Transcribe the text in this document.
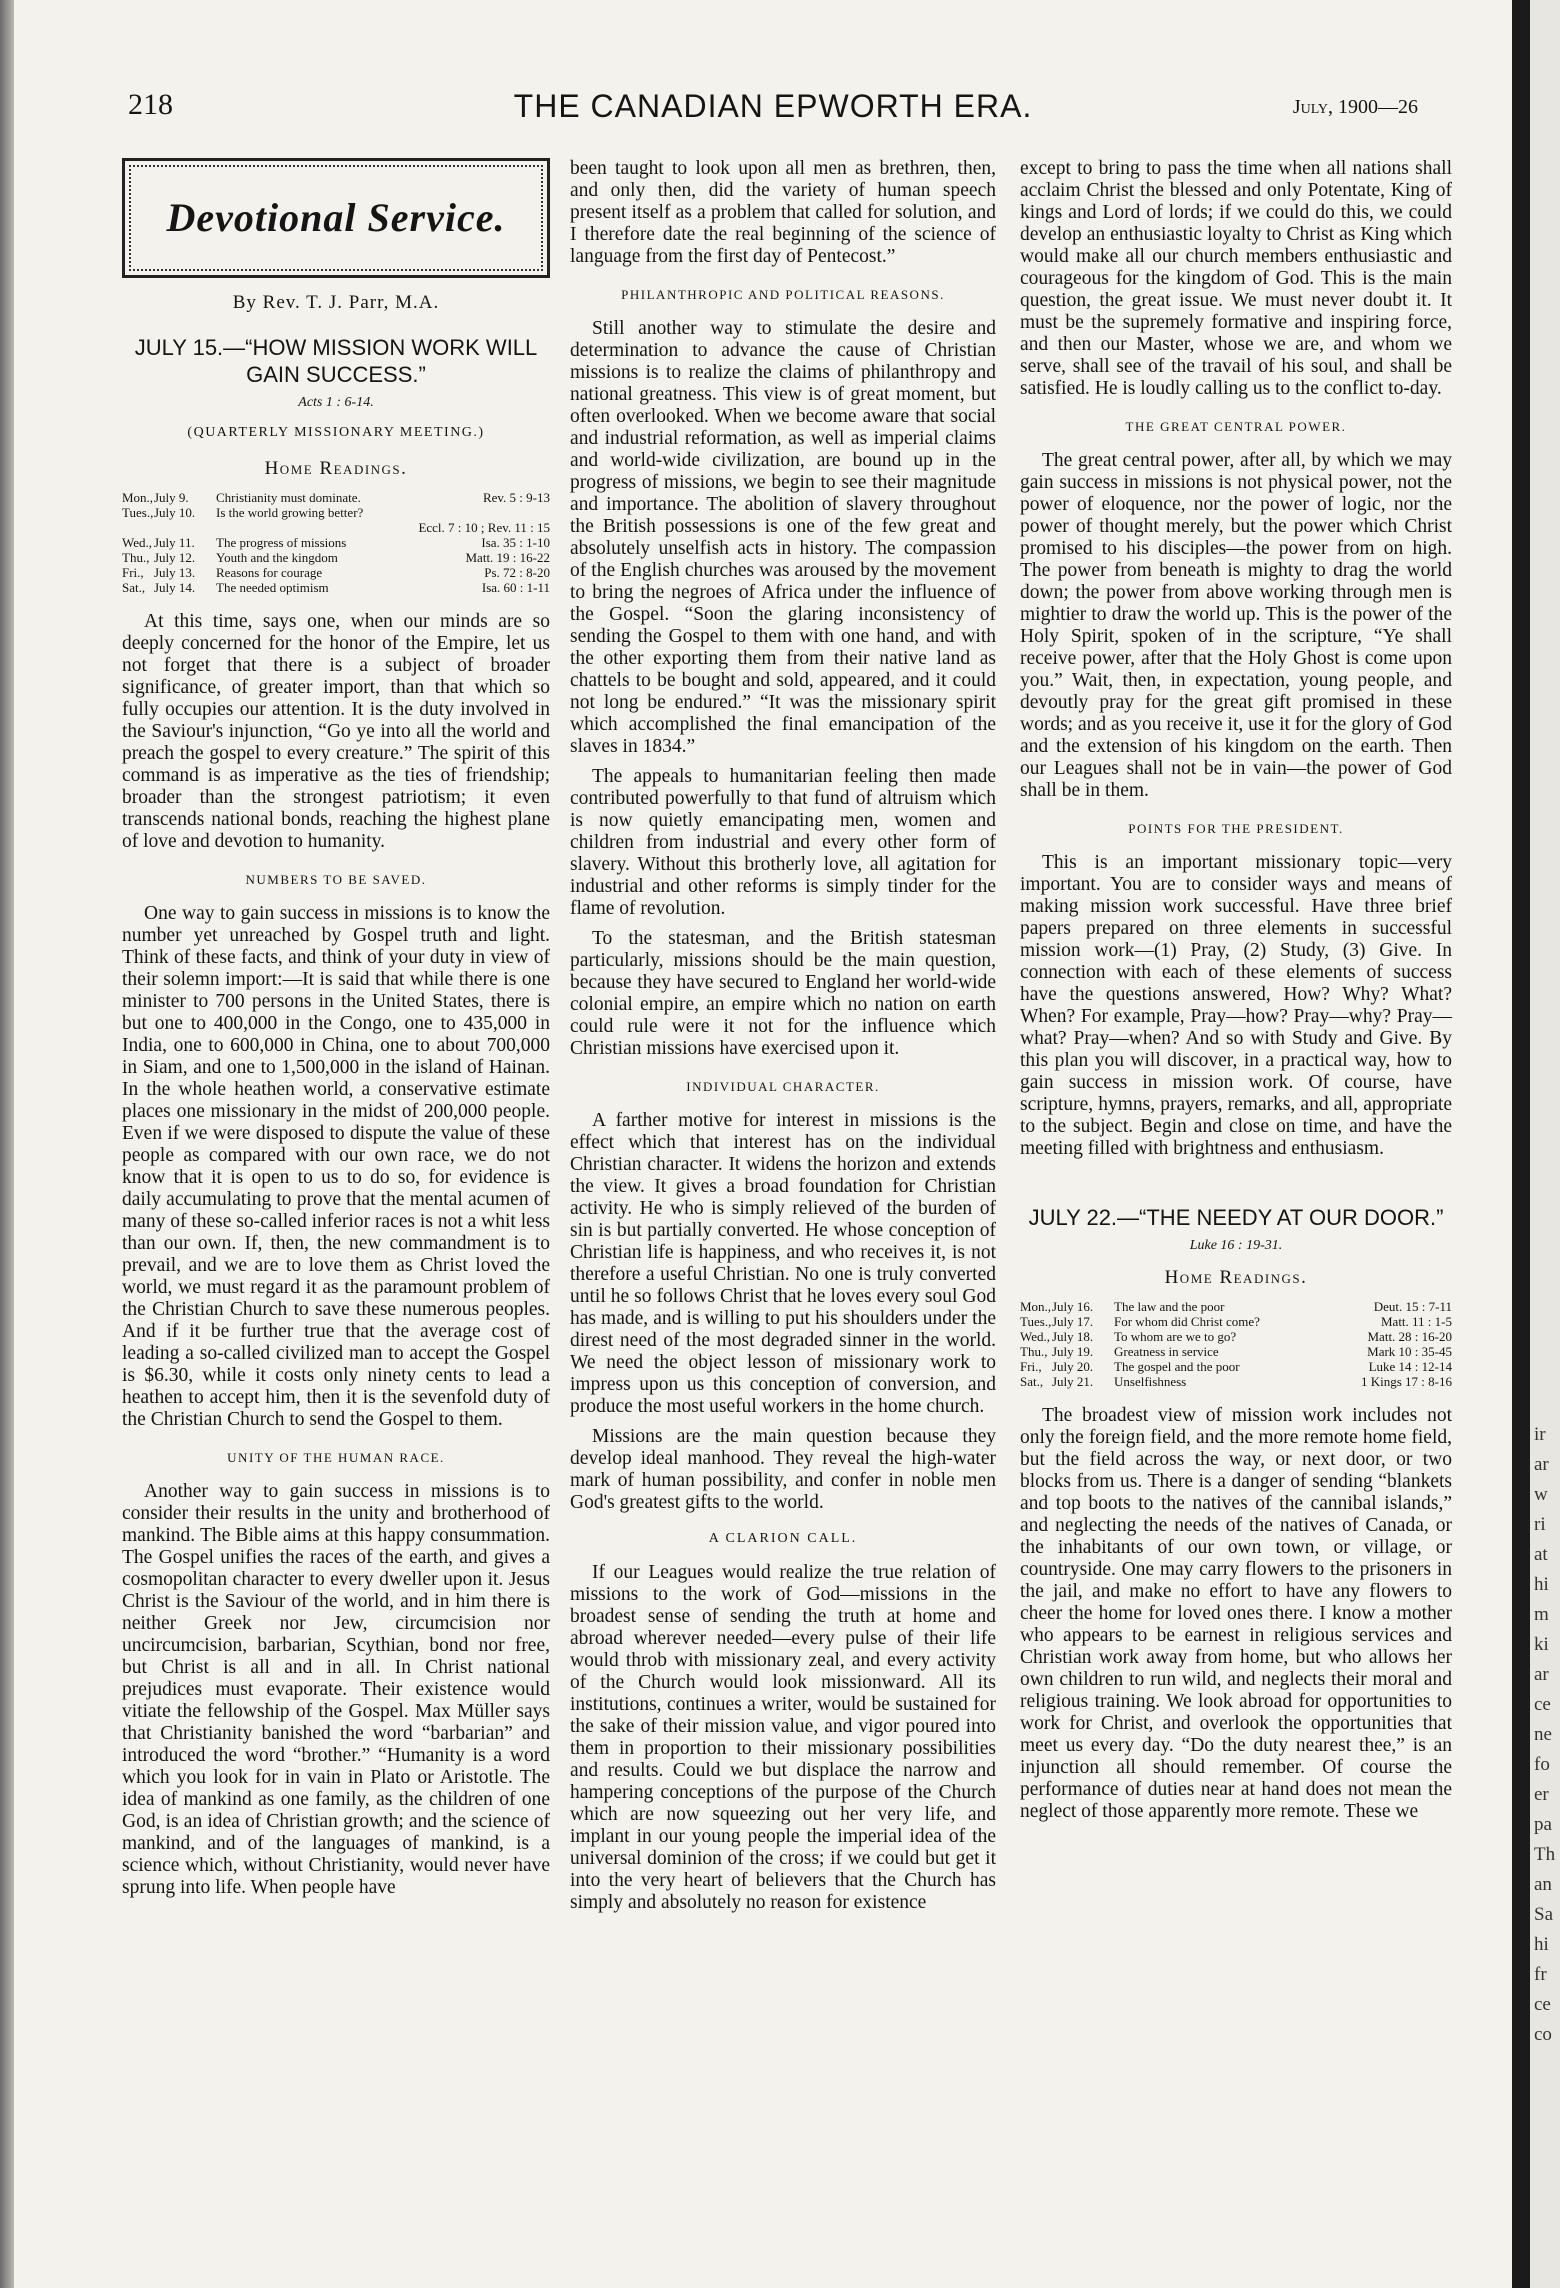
ir
ar
w
ri
at
hi
m
ki
ar
ce
ne
fo
er
pa
Th
an
Sa
hi
fr
ce
co
218	THE CANADIAN EPWORTH ERA.	July, 1900—26
Devotional Service.
By Rev. T. J. Parr, M.A.
JULY 15.—“HOW MISSION WORK WILL GAIN SUCCESS.”
Acts 1 : 6-14.
(QUARTERLY MISSIONARY MEETING.)
Home Readings.
Mon.,	July 9.	Christianity must dominate.	Rev. 5 : 9-13
Tues.,	July 10.	Is the world growing better?	
			Eccl. 7 : 10 ; Rev. 11 : 15
Wed.,	July 11.	The progress of missions	Isa. 35 : 1-10
Thu.,	July 12.	Youth and the kingdom	Matt. 19 : 16-22
Fri.,	July 13.	Reasons for courage	Ps. 72 : 8-20
Sat.,	July 14.	The needed optimism	Isa. 60 : 1-11

At this time, says one, when our minds are so deeply concerned for the honor of the Empire, let us not forget that there is a subject of broader significance, of greater import, than that which so fully occupies our attention. It is the duty involved in the Saviour's injunction, “Go ye into all the world and preach the gospel to every creature.” The spirit of this command is as imperative as the ties of friendship; broader than the strongest patriotism; it even transcends national bonds, reaching the highest plane of love and devotion to humanity.

NUMBERS TO BE SAVED.

One way to gain success in missions is to know the number yet unreached by Gospel truth and light. Think of these facts, and think of your duty in view of their solemn import:—It is said that while there is one minister to 700 persons in the United States, there is but one to 400,000 in the Congo, one to 435,000 in India, one to 600,000 in China, one to about 700,000 in Siam, and one to 1,500,000 in the island of Hainan. In the whole heathen world, a conservative estimate places one missionary in the midst of 200,000 people. Even if we were disposed to dispute the value of these people as compared with our own race, we do not know that it is open to us to do so, for evidence is daily accumulating to prove that the mental acumen of many of these so-called inferior races is not a whit less than our own. If, then, the new commandment is to prevail, and we are to love them as Christ loved the world, we must regard it as the paramount problem of the Christian Church to save these numerous peoples. And if it be further true that the average cost of leading a so-called civilized man to accept the Gospel is $6.30, while it costs only ninety cents to lead a heathen to accept him, then it is the sevenfold duty of the Christian Church to send the Gospel to them.

UNITY OF THE HUMAN RACE.

Another way to gain success in missions is to consider their results in the unity and brotherhood of mankind. The Bible aims at this happy consummation. The Gospel unifies the races of the earth, and gives a cosmopolitan character to every dweller upon it. Jesus Christ is the Saviour of the world, and in him there is neither Greek nor Jew, circumcision nor uncircumcision, barbarian, Scythian, bond nor free, but Christ is all and in all. In Christ national prejudices must evaporate. Their existence would vitiate the fellowship of the Gospel. Max Müller says that Christianity banished the word “barbarian” and introduced the word “brother.” “Humanity is a word which you look for in vain in Plato or Aristotle. The idea of mankind as one family, as the children of one God, is an idea of Christian growth; and the science of mankind, and of the languages of mankind, is a science which, without Christianity, would never have sprung into life. When people have

been taught to look upon all men as brethren, then, and only then, did the variety of human speech present itself as a problem that called for solution, and I therefore date the real beginning of the science of language from the first day of Pentecost.”

PHILANTHROPIC AND POLITICAL REASONS.

Still another way to stimulate the desire and determination to advance the cause of Christian missions is to realize the claims of philanthropy and national greatness. This view is of great moment, but often overlooked. When we become aware that social and industrial reformation, as well as imperial claims and world-wide civilization, are bound up in the progress of missions, we begin to see their magnitude and importance. The abolition of slavery throughout the British possessions is one of the few great and absolutely unselfish acts in history. The compassion of the English churches was aroused by the movement to bring the negroes of Africa under the influence of the Gospel. “Soon the glaring inconsistency of sending the Gospel to them with one hand, and with the other exporting them from their native land as chattels to be bought and sold, appeared, and it could not long be endured.” “It was the missionary spirit which accomplished the final emancipation of the slaves in 1834.”

The appeals to humanitarian feeling then made contributed powerfully to that fund of altruism which is now quietly emancipating men, women and children from industrial and every other form of slavery. Without this brotherly love, all agitation for industrial and other reforms is simply tinder for the flame of revolution.

To the statesman, and the British statesman particularly, missions should be the main question, because they have secured to England her world-wide colonial empire, an empire which no nation on earth could rule were it not for the influence which Christian missions have exercised upon it.

INDIVIDUAL CHARACTER.

A farther motive for interest in missions is the effect which that interest has on the individual Christian character. It widens the horizon and extends the view. It gives a broad foundation for Christian activity. He who is simply relieved of the burden of sin is but partially converted. He whose conception of Christian life is happiness, and who receives it, is not therefore a useful Christian. No one is truly converted until he so follows Christ that he loves every soul God has made, and is willing to put his shoulders under the direst need of the most degraded sinner in the world. We need the object lesson of missionary work to impress upon us this conception of conversion, and produce the most useful workers in the home church.

Missions are the main question because they develop ideal manhood. They reveal the high-water mark of human possibility, and confer in noble men God's greatest gifts to the world.

A CLARION CALL.

If our Leagues would realize the true relation of missions to the work of God—missions in the broadest sense of sending the truth at home and abroad wherever needed—every pulse of their life would throb with missionary zeal, and every activity of the Church would look missionward. All its institutions, continues a writer, would be sustained for the sake of their mission value, and vigor poured into them in proportion to their missionary possibilities and results. Could we but displace the narrow and hampering conceptions of the purpose of the Church which are now squeezing out her very life, and implant in our young people the imperial idea of the universal dominion of the cross; if we could but get it into the very heart of believers that the Church has simply and absolutely no reason for existence

except to bring to pass the time when all nations shall acclaim Christ the blessed and only Potentate, King of kings and Lord of lords; if we could do this, we could develop an enthusiastic loyalty to Christ as King which would make all our church members enthusiastic and courageous for the kingdom of God. This is the main question, the great issue. We must never doubt it. It must be the supremely formative and inspiring force, and then our Master, whose we are, and whom we serve, shall see of the travail of his soul, and shall be satisfied. He is loudly calling us to the conflict to-day.

THE GREAT CENTRAL POWER.

The great central power, after all, by which we may gain success in missions is not physical power, not the power of eloquence, nor the power of logic, nor the power of thought merely, but the power which Christ promised to his disciples—the power from on high. The power from beneath is mighty to drag the world down; the power from above working through men is mightier to draw the world up. This is the power of the Holy Spirit, spoken of in the scripture, “Ye shall receive power, after that the Holy Ghost is come upon you.” Wait, then, in expectation, young people, and devoutly pray for the great gift promised in these words; and as you receive it, use it for the glory of God and the extension of his kingdom on the earth. Then our Leagues shall not be in vain—the power of God shall be in them.

POINTS FOR THE PRESIDENT.

This is an important missionary topic—very important. You are to consider ways and means of making mission work successful. Have three brief papers prepared on three elements in successful mission work—(1) Pray, (2) Study, (3) Give. In connection with each of these elements of success have the questions answered, How? Why? What? When? For example, Pray—how? Pray—why? Pray—what? Pray—when? And so with Study and Give. By this plan you will discover, in a practical way, how to gain success in mission work. Of course, have scripture, hymns, prayers, remarks, and all, appropriate to the subject. Begin and close on time, and have the meeting filled with brightness and enthusiasm.

JULY 22.—“THE NEEDY AT OUR DOOR.”
Luke 16 : 19-31.
Home Readings.
Mon.,	July 16.	The law and the poor	Deut. 15 : 7-11
Tues.,	July 17.	For whom did Christ come?	Matt. 11 : 1-5
Wed.,	July 18.	To whom are we to go?	Matt. 28 : 16-20
Thu.,	July 19.	Greatness in service	Mark 10 : 35-45
Fri.,	July 20.	The gospel and the poor	Luke 14 : 12-14
Sat.,	July 21.	Unselfishness	1 Kings 17 : 8-16

The broadest view of mission work includes not only the foreign field, and the more remote home field, but the field across the way, or next door, or two blocks from us. There is a danger of sending “blankets and top boots to the natives of the cannibal islands,” and neglecting the needs of the natives of Canada, or the inhabitants of our own town, or village, or countryside. One may carry flowers to the prisoners in the jail, and make no effort to have any flowers to cheer the home for loved ones there. I know a mother who appears to be earnest in religious services and Christian work away from home, but who allows her own children to run wild, and neglects their moral and religious training. We look abroad for opportunities to work for Christ, and overlook the opportunities that meet us every day. “Do the duty nearest thee,” is an injunction all should remember. Of course the performance of duties near at hand does not mean the neglect of those apparently more remote. These we
